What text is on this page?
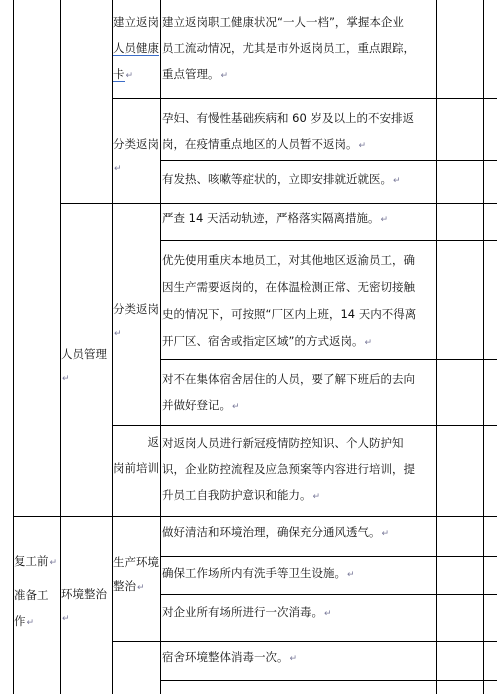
复工前↵
准备工
作↵
人员管理↵
环境整治↵
建立返岗
人员健康
卡↵
分类返岗↵
分类返岗↵
返
岗前培训
生产环境
整治↵
建立返岗职工健康状况“一人一档”，掌握本企业
员工流动情况，尤其是市外返岗员工，重点跟踪，
重点管理。↵
孕妇、有慢性基础疾病和 60 岁及以上的不安排返
岗，在疫情重点地区的人员暂不返岗。↵
有发热、咳嗽等症状的，立即安排就近就医。↵
严查 14 天活动轨迹，严格落实隔离措施。↵
优先使用重庆本地员工，对其他地区返渝员工，确
因生产需要返岗的，在体温检测正常、无密切接触
史的情况下，可按照“厂区内上班，14 天内不得离
开厂区、宿舍或指定区域”的方式返岗。↵
对不在集体宿舍居住的人员，要了解下班后的去向
并做好登记。↵
对返岗人员进行新冠疫情防控知识、个人防护知
识，企业防控流程及应急预案等内容进行培训，提
升员工自我防护意识和能力。↵
做好清洁和环境治理，确保充分通风透气。↵
确保工作场所内有洗手等卫生设施。↵
对企业所有场所进行一次消毒。↵
宿舍环境整体消毒一次。↵
